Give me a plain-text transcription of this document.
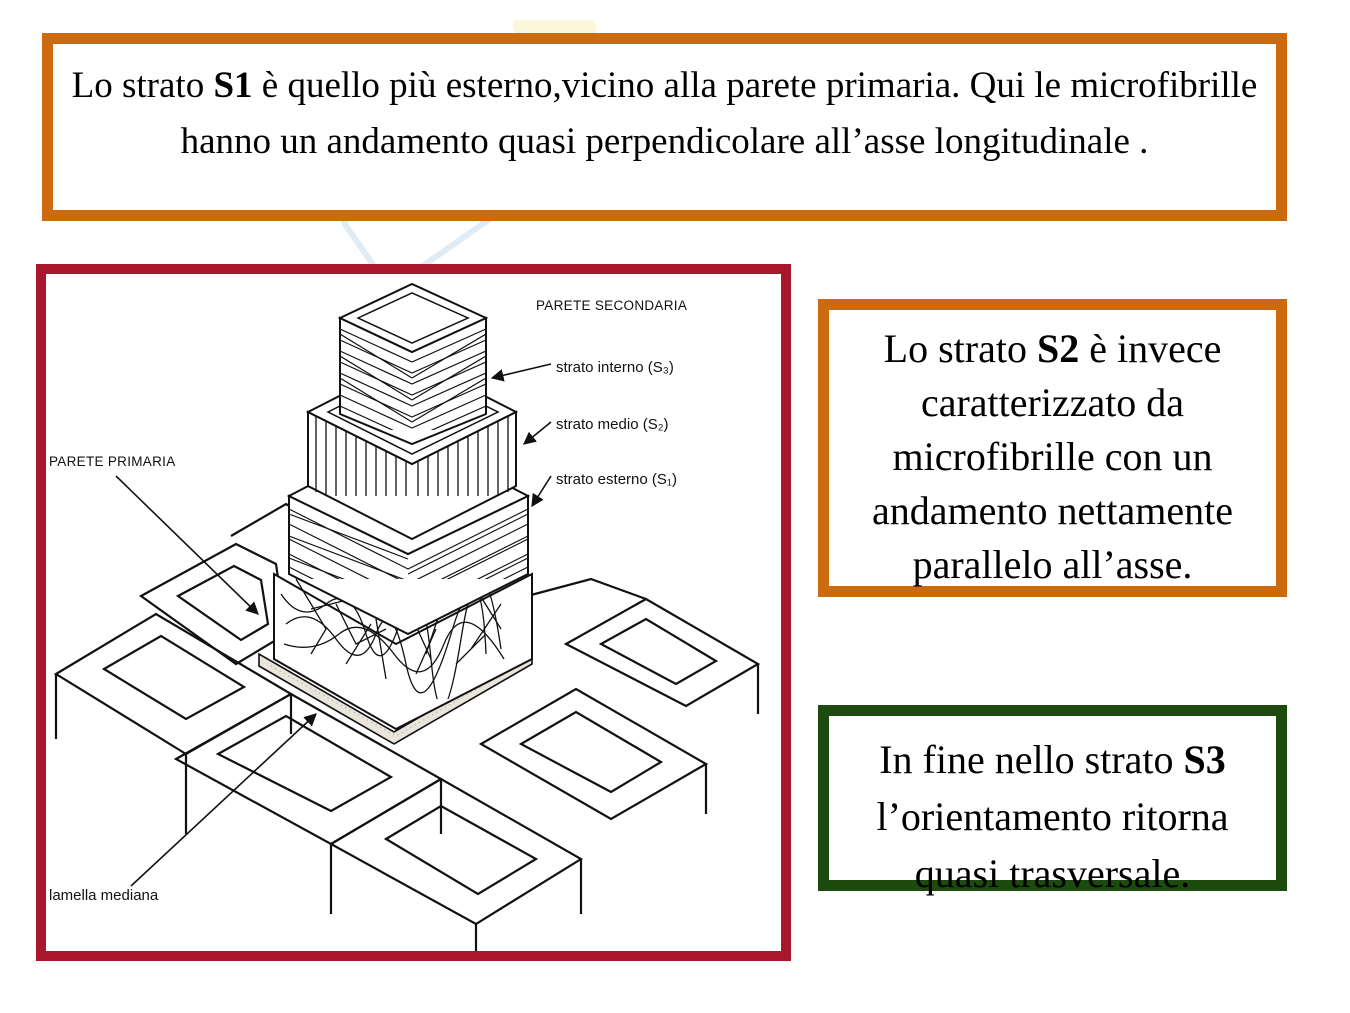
Lo strato S1 è quello più esterno,vicino alla parete primaria. Qui le microfibrille hanno un andamento quasi perpendicolare all’asse longitudinale .
Lo strato S2 è invece caratterizzato da microfibrille con un andamento nettamente parallelo all’asse.
In fine nello strato S3 l’orientamento ritorna quasi trasversale.
PARETE SECONDARIA
strato interno (S₃)
strato medio (S₂)
strato esterno (S₁)
PARETE PRIMARIA
lamella mediana
